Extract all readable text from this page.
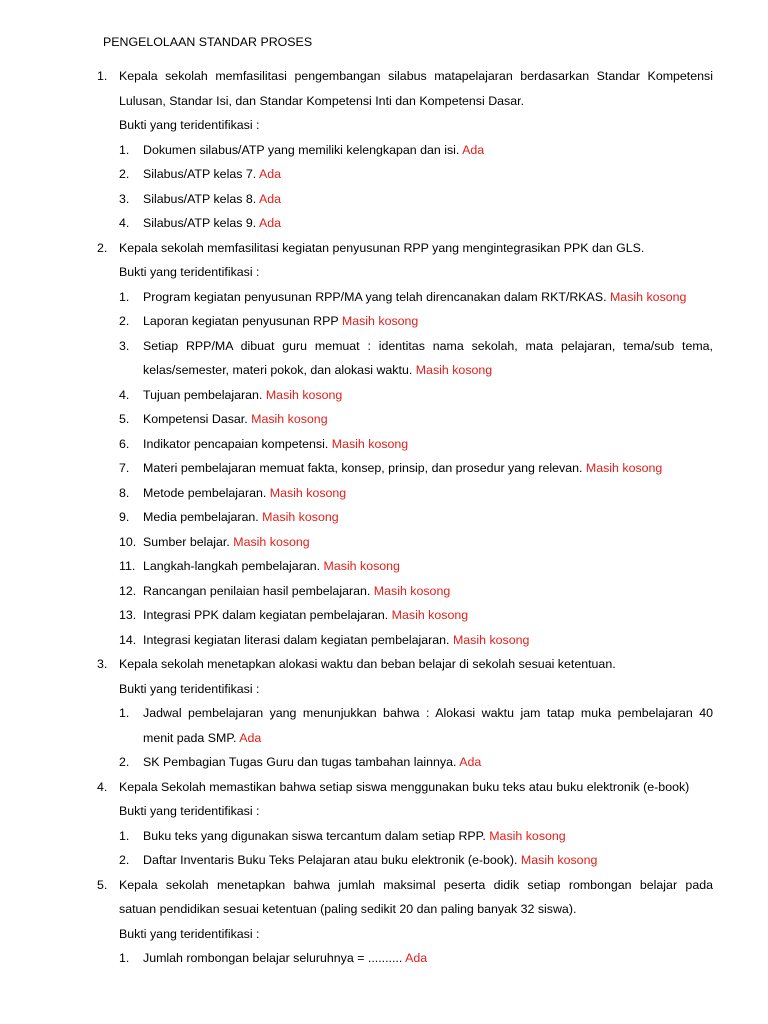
PENGELOLAAN STANDAR PROSES
1. Kepala sekolah memfasilitasi pengembangan silabus matapelajaran berdasarkan Standar Kompetensi
Lulusan, Standar Isi, dan Standar Kompetensi Inti dan Kompetensi Dasar.
Bukti yang teridentifikasi :
1. Dokumen silabus/ATP yang memiliki kelengkapan dan isi. Ada
2. Silabus/ATP kelas 7. Ada
3. Silabus/ATP kelas 8. Ada
4. Silabus/ATP kelas 9. Ada
2. Kepala sekolah memfasilitasi kegiatan penyusunan RPP yang mengintegrasikan PPK dan GLS.
Bukti yang teridentifikasi :
1. Program kegiatan penyusunan RPP/MA yang telah direncanakan dalam RKT/RKAS. Masih kosong
2. Laporan kegiatan penyusunan RPP Masih kosong
3. Setiap RPP/MA dibuat guru memuat : identitas nama sekolah, mata pelajaran, tema/sub tema,
kelas/semester, materi pokok, dan alokasi waktu. Masih kosong
4. Tujuan pembelajaran. Masih kosong
5. Kompetensi Dasar. Masih kosong
6. Indikator pencapaian kompetensi. Masih kosong
7. Materi pembelajaran memuat fakta, konsep, prinsip, dan prosedur yang relevan. Masih kosong
8. Metode pembelajaran. Masih kosong
9. Media pembelajaran. Masih kosong
10. Sumber belajar. Masih kosong
11. Langkah-langkah pembelajaran. Masih kosong
12. Rancangan penilaian hasil pembelajaran. Masih kosong
13. Integrasi PPK dalam kegiatan pembelajaran. Masih kosong
14. Integrasi kegiatan literasi dalam kegiatan pembelajaran. Masih kosong
3. Kepala sekolah menetapkan alokasi waktu dan beban belajar di sekolah sesuai ketentuan.
Bukti yang teridentifikasi :
1. Jadwal pembelajaran yang menunjukkan bahwa : Alokasi waktu jam tatap muka pembelajaran 40
menit pada SMP. Ada
2. SK Pembagian Tugas Guru dan tugas tambahan lainnya. Ada
4. Kepala Sekolah memastikan bahwa setiap siswa menggunakan buku teks atau buku elektronik (e-book)
Bukti yang teridentifikasi :
1. Buku teks yang digunakan siswa tercantum dalam setiap RPP. Masih kosong
2. Daftar Inventaris Buku Teks Pelajaran atau buku elektronik (e-book). Masih kosong
5. Kepala sekolah menetapkan bahwa jumlah maksimal peserta didik setiap rombongan belajar pada
satuan pendidikan sesuai ketentuan (paling sedikit 20 dan paling banyak 32 siswa).
Bukti yang teridentifikasi :
1. Jumlah rombongan belajar seluruhnya = .......... Ada
